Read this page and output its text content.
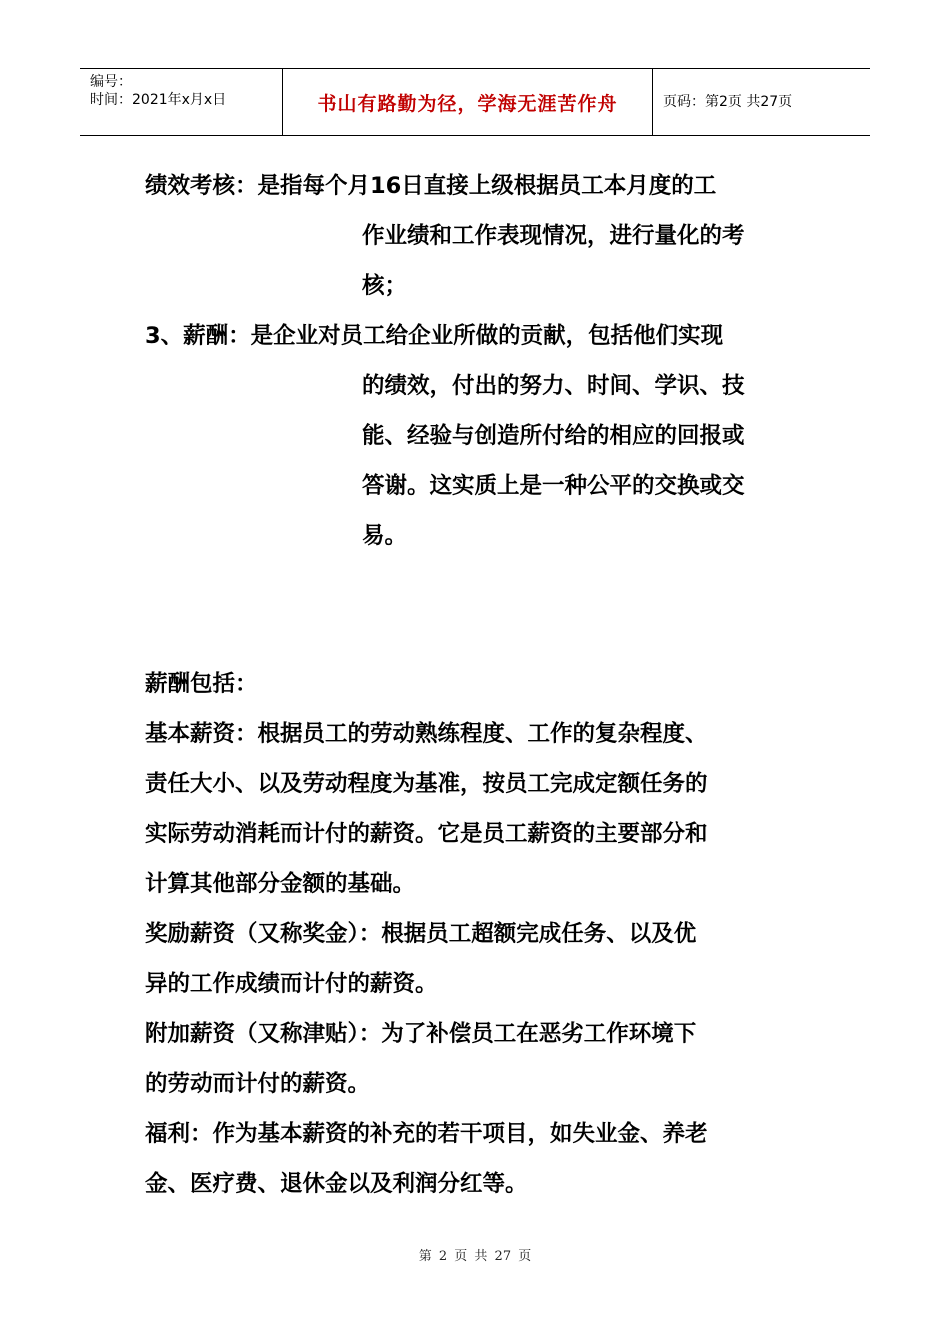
编号：
时间：2021年x月x日	书山有路勤为径，学海无涯苦作舟	页码：第2页 共27页
绩效考核：是指每个月16日直接上级根据员工本月度的工
作业绩和工作表现情况，进行量化的考
核；
3、薪酬：是企业对员工给企业所做的贡献，包括他们实现
的绩效，付出的努力、时间、学识、技
能、经验与创造所付给的相应的回报或
答谢。这实质上是一种公平的交换或交
易。
薪酬包括：
基本薪资：根据员工的劳动熟练程度、工作的复杂程度、
责任大小、以及劳动程度为基准，按员工完成定额任务的
实际劳动消耗而计付的薪资。它是员工薪资的主要部分和
计算其他部分金额的基础。
奖励薪资（又称奖金）：根据员工超额完成任务、以及优
异的工作成绩而计付的薪资。
附加薪资（又称津贴）：为了补偿员工在恶劣工作环境下
的劳动而计付的薪资。
福利：作为基本薪资的补充的若干项目，如失业金、养老
金、医疗费、退休金以及利润分红等。
第 2 页 共 27 页
